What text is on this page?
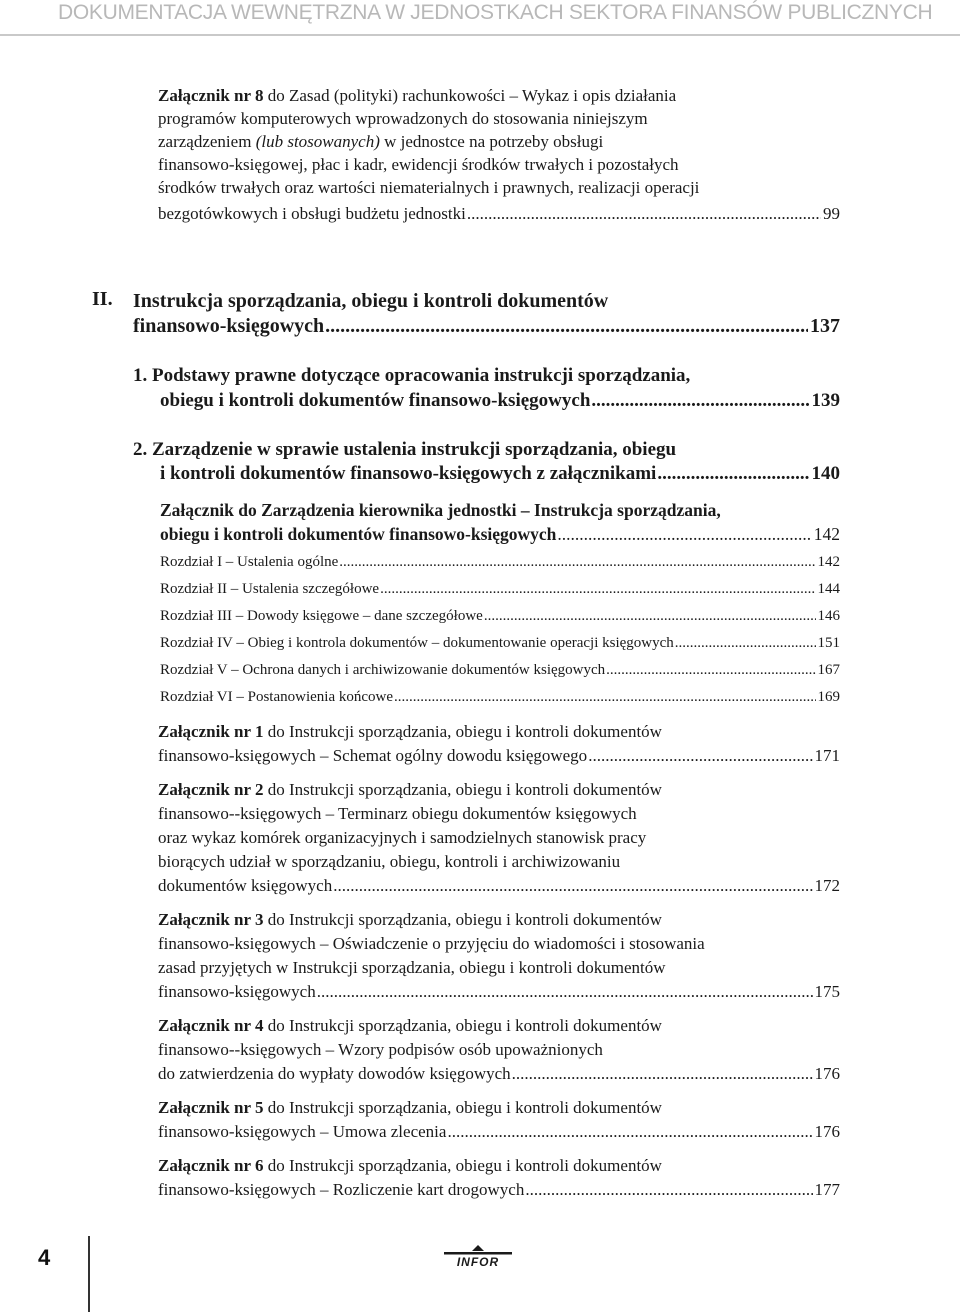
DOKUMENTACJA WEWNĘTRZNA W JEDNOSTKACH SEKTORA FINANSÓW PUBLICZNYCH
Załącznik nr 8 do Zasad (polityki) rachunkowości – Wykaz i opis działania
programów komputerowych wprowadzonych do stosowania niniejszym
zarządzeniem (lub stosowanych) w jednostce na potrzeby obsługi
finansowo-księgowej, płac i kadr, ewidencji środków trwałych i pozostałych
środków trwałych oraz wartości niematerialnych i prawnych, realizacji operacji
bezgotówkowych i obsługi budżetu jednostki .....	99
II. Instrukcja sporządzania, obiegu i kontroli dokumentów
finansowo-księgowych .....	137
1. Podstawy prawne dotyczące opracowania instrukcji sporządzania,
obiegu i kontroli dokumentów finansowo-księgowych .....	139
2. Zarządzenie w sprawie ustalenia instrukcji sporządzania, obiegu
i kontroli dokumentów finansowo-księgowych z załącznikami .....	140
Załącznik do Zarządzenia kierownika jednostki – Instrukcja sporządzania,
obiegu i kontroli dokumentów finansowo-księgowych .....	142
Rozdział I – Ustalenia ogólne .....	142
Rozdział II – Ustalenia szczegółowe .....	144
Rozdział III – Dowody księgowe – dane szczegółowe .....	146
Rozdział IV – Obieg i kontrola dokumentów – dokumentowanie operacji księgowych .....	151
Rozdział V – Ochrona danych i archiwizowanie dokumentów księgowych .....	167
Rozdział VI – Postanowienia końcowe .....	169
Załącznik nr 1 do Instrukcji sporządzania, obiegu i kontroli dokumentów
finansowo-księgowych – Schemat ogólny dowodu księgowego .....	171
Załącznik nr 2 do Instrukcji sporządzania, obiegu i kontroli dokumentów
finansowo--księgowych – Terminarz obiegu dokumentów księgowych
oraz wykaz komórek organizacyjnych i samodzielnych stanowisk pracy
biorących udział w sporządzaniu, obiegu, kontroli i archiwizowaniu
dokumentów księgowych .....	172
Załącznik nr 3 do Instrukcji sporządzania, obiegu i kontroli dokumentów
finansowo-księgowych – Oświadczenie o przyjęciu do wiadomości i stosowania
zasad przyjętych w Instrukcji sporządzania, obiegu i kontroli dokumentów
finansowo-księgowych .....	175
Załącznik nr 4 do Instrukcji sporządzania, obiegu i kontroli dokumentów
finansowo--księgowych – Wzory podpisów osób upoważnionych
do zatwierdzenia do wypłaty dowodów księgowych .....	176
Załącznik nr 5 do Instrukcji sporządzania, obiegu i kontroli dokumentów
finansowo-księgowych – Umowa zlecenia .....	176
Załącznik nr 6 do Instrukcji sporządzania, obiegu i kontroli dokumentów
finansowo-księgowych – Rozliczenie kart drogowych .....	177
4	INFOR
